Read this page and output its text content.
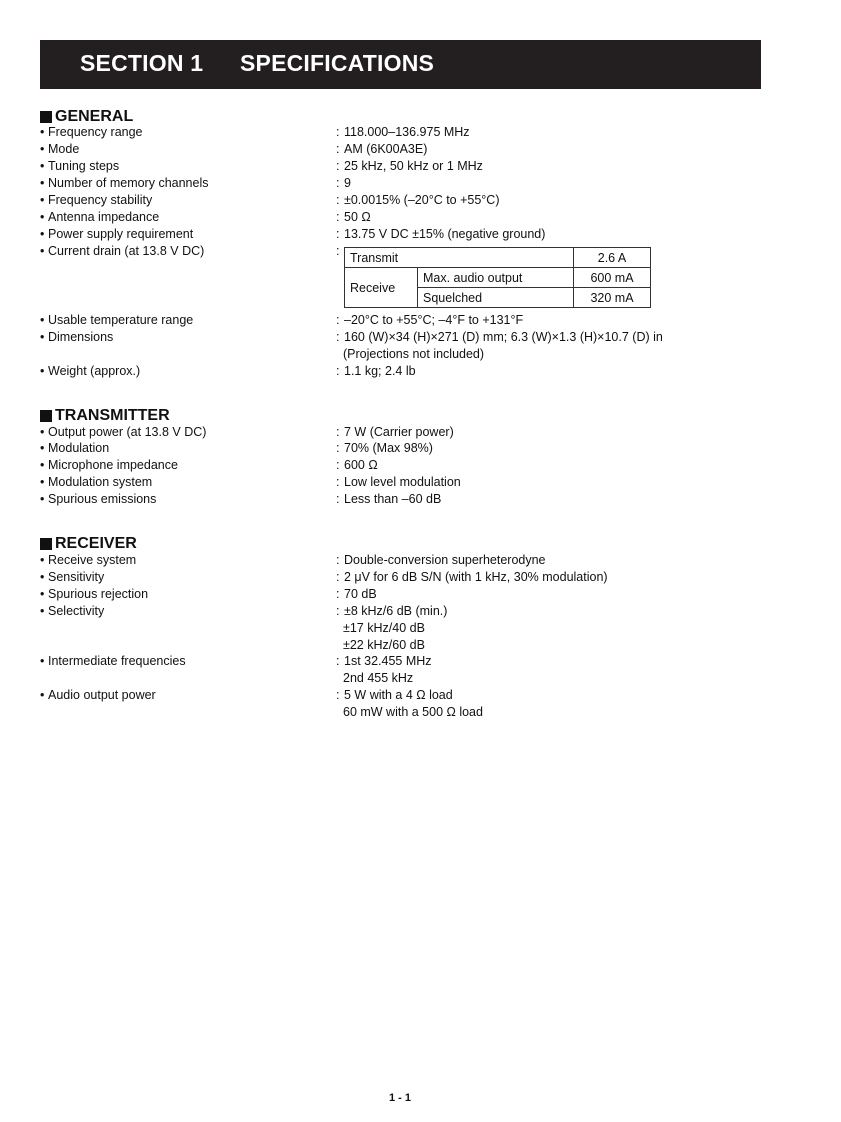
SECTION 1 SPECIFICATIONS
GENERAL
• Frequency range	: 118.000–136.975 MHz
• Mode	: AM (6K00A3E)
• Tuning steps	: 25 kHz, 50 kHz or 1 MHz
• Number of memory channels	: 9
• Frequency stability	: ±0.0015% (–20°C to +55°C)
• Antenna impedance	: 50 Ω
• Power supply requirement	: 13.75 V DC ±15% (negative ground)
• Current drain (at 13.8 V DC)	: Transmit		2.6 A
Receive	Max. audio output	600 mA
	Squelched	320 mA
• Usable temperature range	: –20°C to +55°C; –4°F to +131°F
• Dimensions	: 160 (W)×34 (H)×271 (D) mm; 6.3 (W)×1.3 (H)×10.7 (D) in
(Projections not included)
• Weight (approx.)	: 1.1 kg; 2.4 lb
TRANSMITTER
• Output power (at 13.8 V DC)	: 7 W (Carrier power)
• Modulation	: 70% (Max 98%)
• Microphone impedance	: 600 Ω
• Modulation system	: Low level modulation
• Spurious emissions	: Less than –60 dB
RECEIVER
• Receive system	: Double-conversion superheterodyne
• Sensitivity	: 2 μV for 6 dB S/N (with 1 kHz, 30% modulation)
• Spurious rejection	: 70 dB
• Selectivity	: ±8 kHz/6 dB (min.)
±17 kHz/40 dB
±22 kHz/60 dB
• Intermediate frequencies	: 1st 32.455 MHz
2nd 455 kHz
• Audio output power	: 5 W with a 4 Ω load
60 mW with a 500 Ω load
1 - 1
